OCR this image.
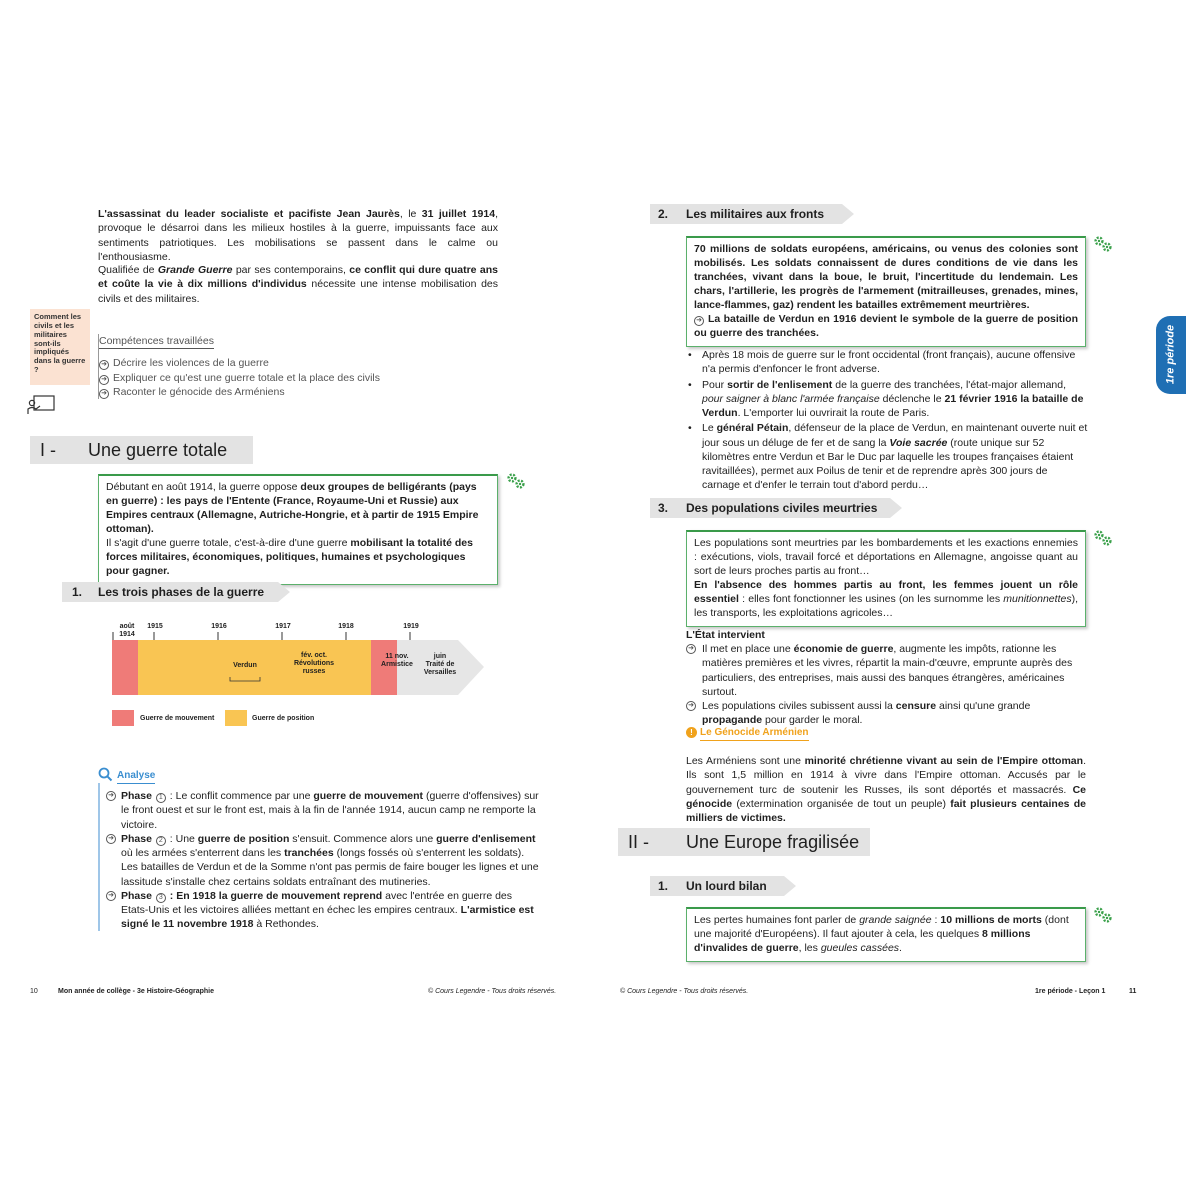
L'assassinat du leader socialiste et pacifiste Jean Jaurès, le 31 juillet 1914, provoque le désarroi dans les milieux hostiles à la guerre, impuissants face aux sentiments patriotiques. Les mobilisations se passent dans le calme ou l'enthousiasme.
Qualifiée de Grande Guerre par ses contemporains, ce conflit qui dure quatre ans et coûte la vie à dix millions d'individus nécessite une intense mobilisation des civils et des militaires.
Comment les civils et les militaires sont-ils impliqués dans la guerre ?
Compétences travaillées
➜ Décrire les violences de la guerre
➜ Expliquer ce qu'est une guerre totale et la place des civils
➜ Raconter le génocide des Arméniens
I -	Une guerre totale
Débutant en août 1914, la guerre oppose deux groupes de belligérants (pays en guerre) : les pays de l'Entente (France, Royaume-Uni et Russie) aux Empires centraux (Allemagne, Autriche-Hongrie, et à partir de 1915 Empire ottoman).
Il s'agit d'une guerre totale, c'est-à-dire d'une guerre mobilisant la totalité des forces militaires, économiques, politiques, humaines et psychologiques pour gagner.
1.	Les trois phases de la guerre
août 1914
1915	1916	1917	1918	1919
Verdun
fév. oct.
Révolutions
russes
11 nov.
Armistice
juin
Traité de
Versailles
Guerre de mouvement	Guerre de position
Analyse
➜ Phase 1 : Le conflit commence par une guerre de mouvement (guerre d'offensives) sur le front ouest et sur le front est, mais à la fin de l'année 1914, aucun camp ne remporte la victoire.
➜ Phase 2 : Une guerre de position s'ensuit. Commence alors une guerre d'enlisement où les armées s'enterrent dans les tranchées (longs fossés où s'enterrent les soldats).
Les batailles de Verdun et de la Somme n'ont pas permis de faire bouger les lignes et une lassitude s'installe chez certains soldats entraînant des mutineries.
➜ Phase 3 : En 1918 la guerre de mouvement reprend avec l'entrée en guerre des Etats-Unis et les victoires alliées mettant en échec les empires centraux. L'armistice est signé le 11 novembre 1918 à Rethondes.
10	Mon année de collège - 3e Histoire-Géographie	© Cours Legendre - Tous droits réservés.
2.	Les militaires aux fronts
70 millions de soldats européens, américains, ou venus des colonies sont mobilisés. Les soldats connaissent de dures conditions de vie dans les tranchées, vivant dans la boue, le bruit, l'incertitude du lendemain. Les chars, l'artillerie, les progrès de l'armement (mitrailleuses, grenades, mines, lance-flammes, gaz) rendent les batailles extrêmement meurtrières.
➜ La bataille de Verdun en 1916 devient le symbole de la guerre de position ou guerre des tranchées.
• Après 18 mois de guerre sur le front occidental (front français), aucune offensive n'a permis d'enfoncer le front adverse.
• Pour sortir de l'enlisement de la guerre des tranchées, l'état-major allemand, pour saigner à blanc l'armée française déclenche le 21 février 1916 la bataille de Verdun. L'emporter lui ouvrirait la route de Paris.
• Le général Pétain, défenseur de la place de Verdun, en maintenant ouverte nuit et jour sous un déluge de fer et de sang la Voie sacrée (route unique sur 52 kilomètres entre Verdun et Bar le Duc par laquelle les troupes françaises étaient ravitaillées), permet aux Poilus de tenir et de reprendre après 300 jours de carnage et d'enfer le terrain tout d'abord perdu…
3.	Des populations civiles meurtries
Les populations sont meurtries par les bombardements et les exactions ennemies : exécutions, viols, travail forcé et déportations en Allemagne, angoisse quant au sort de leurs proches partis au front…
En l'absence des hommes partis au front, les femmes jouent un rôle essentiel : elles font fonctionner les usines (on les surnomme les munitionnettes), les transports, les exploitations agricoles…
L'État intervient
➜ Il met en place une économie de guerre, augmente les impôts, rationne les matières premières et les vivres, répartit la main-d'œuvre, emprunte auprès des particuliers, des entreprises, mais aussi des banques étrangères, américaines surtout.
➜ Les populations civiles subissent aussi la censure ainsi qu'une grande propagande pour garder le moral.
! Le Génocide Arménien
Les Arméniens sont une minorité chrétienne vivant au sein de l'Empire ottoman. Ils sont 1,5 million en 1914 à vivre dans l'Empire ottoman. Accusés par le gouvernement turc de soutenir les Russes, ils sont déportés et massacrés. Ce génocide (extermination organisée de tout un peuple) fait plusieurs centaines de milliers de victimes.
II -	Une Europe fragilisée
1.	Un lourd bilan
Les pertes humaines font parler de grande saignée : 10 millions de morts (dont une majorité d'Européens). Il faut ajouter à cela, les quelques 8 millions d'invalides de guerre, les gueules cassées.
1re période
© Cours Legendre - Tous droits réservés.	1re période - Leçon 1	11
